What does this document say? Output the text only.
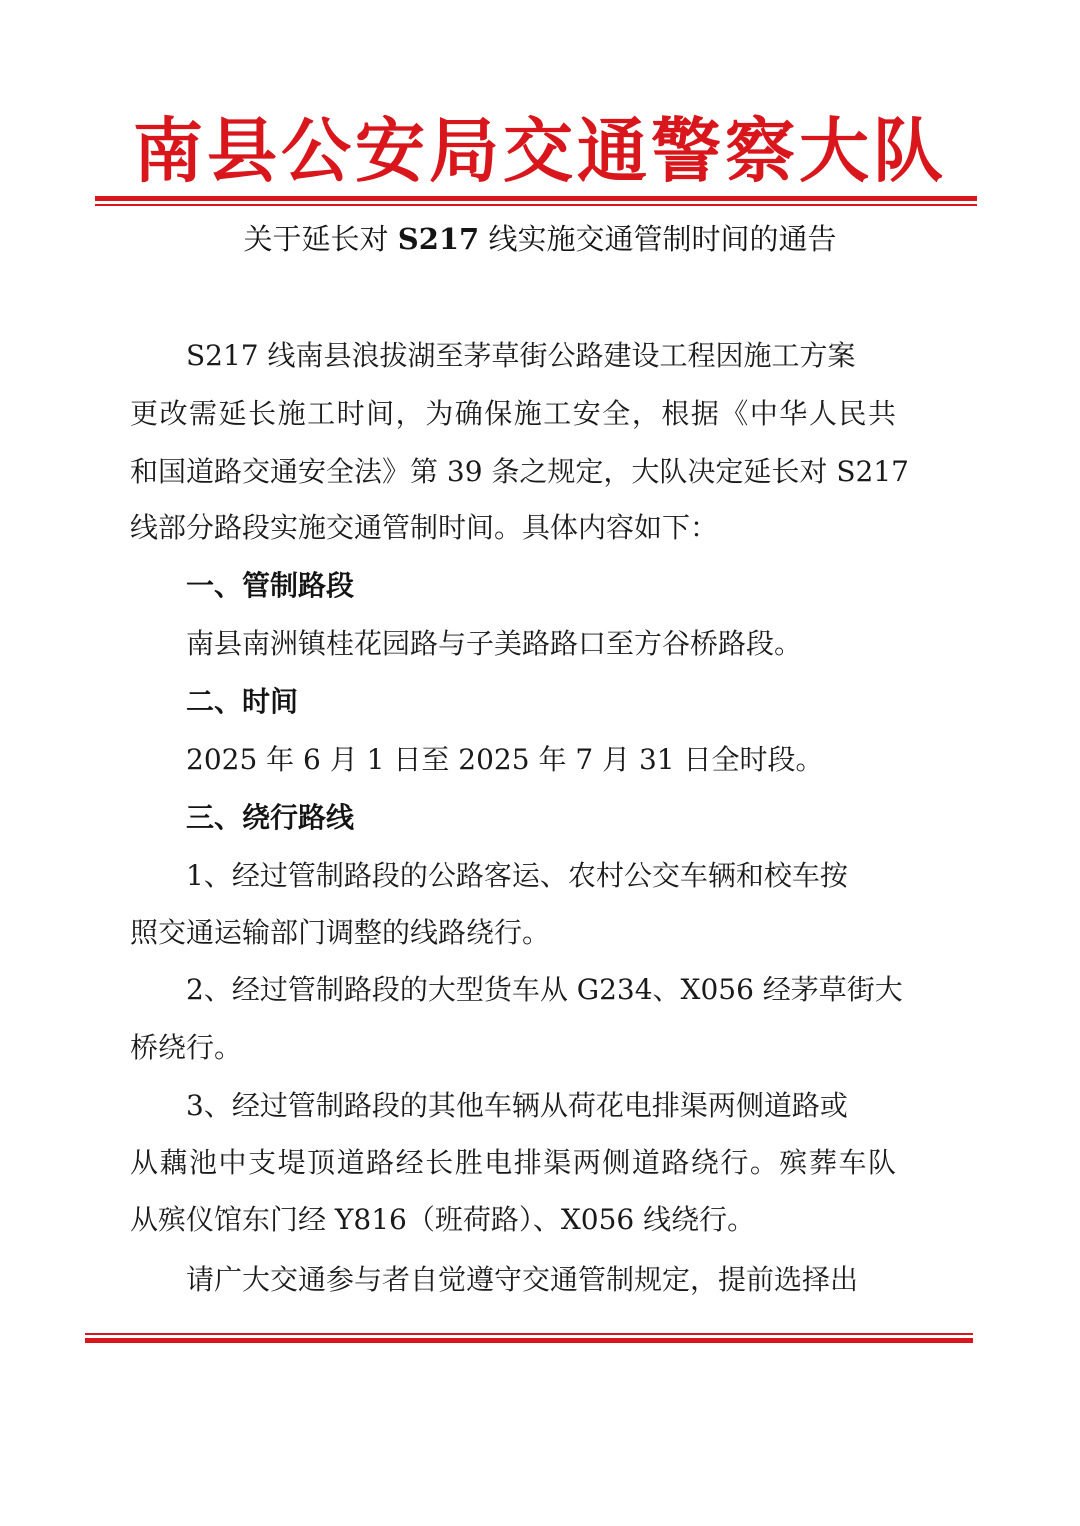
南县公安局交通警察大队
关于延长对 S217 线实施交通管制时间的通告
S217 线南县浪拔湖至茅草街公路建设工程因施工方案
更改需延长施工时间，为确保施工安全，根据《中华人民共
和国道路交通安全法》第 39 条之规定，大队决定延长对 S217
线部分路段实施交通管制时间。具体内容如下：
一、管制路段
南县南洲镇桂花园路与子美路路口至方谷桥路段。
二、时间
2025 年 6 月 1 日至 2025 年 7 月 31 日全时段。
三、绕行路线
1、经过管制路段的公路客运、农村公交车辆和校车按
照交通运输部门调整的线路绕行。
2、经过管制路段的大型货车从 G234、X056 经茅草街大
桥绕行。
3、经过管制路段的其他车辆从荷花电排渠两侧道路或
从藕池中支堤顶道路经长胜电排渠两侧道路绕行。殡葬车队
从殡仪馆东门经 Y816（班荷路）、X056 线绕行。
请广大交通参与者自觉遵守交通管制规定，提前选择出
